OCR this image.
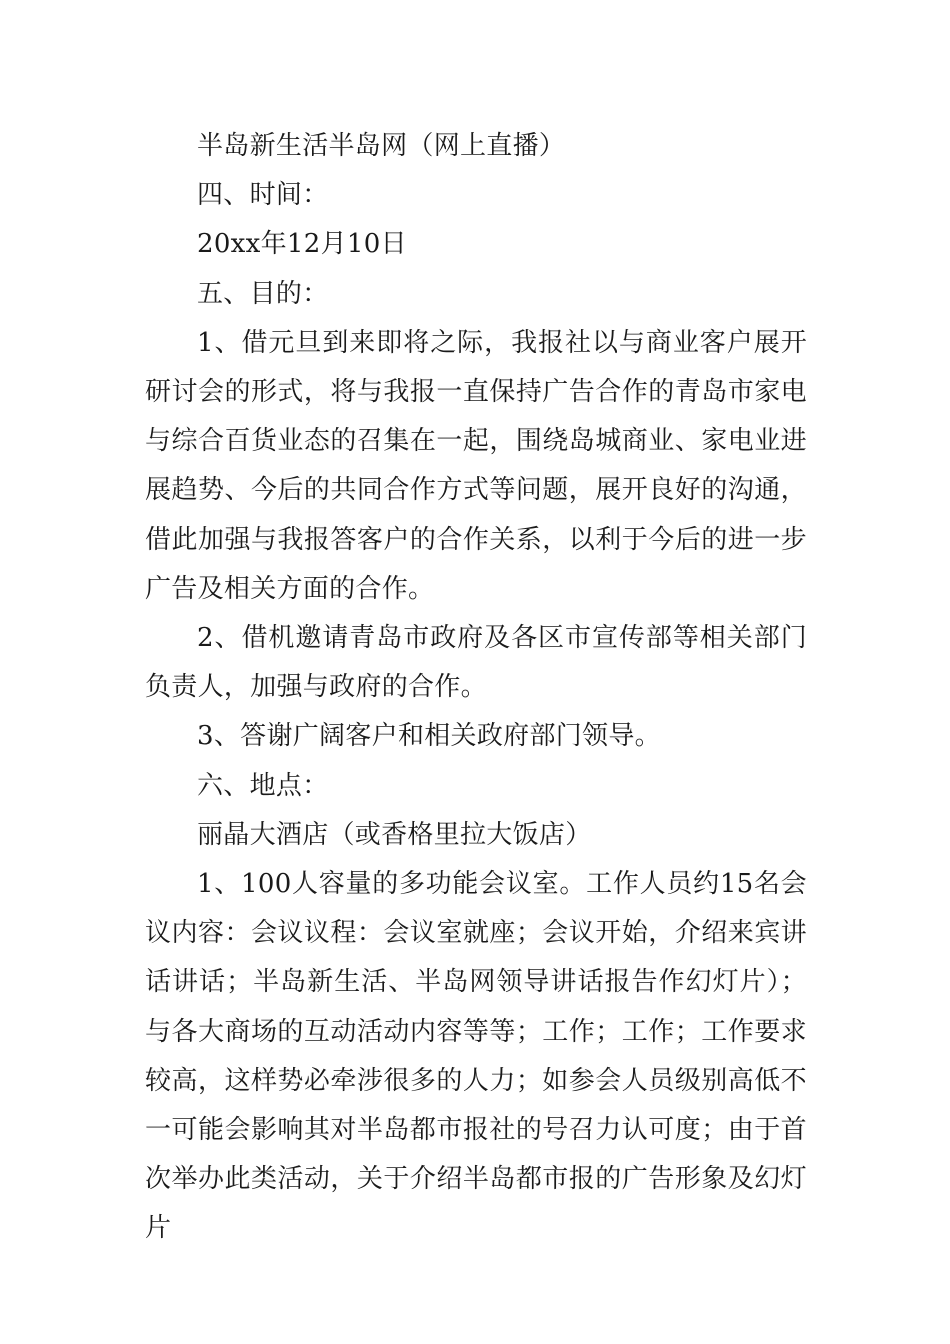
半岛新生活半岛网（网上直播）

四、时间：

20xx年12月10日

五、目的：

1、借元旦到来即将之际，我报社以与商业客户展开研讨会的形式，将与我报一直保持广告合作的青岛市家电与综合百货业态的召集在一起，围绕岛城商业、家电业进展趋势、今后的共同合作方式等问题，展开良好的沟通，借此加强与我报答客户的合作关系，以利于今后的进一步广告及相关方面的合作。

2、借机邀请青岛市政府及各区市宣传部等相关部门负责人，加强与政府的合作。

3、答谢广阔客户和相关政府部门领导。

六、地点：

丽晶大酒店（或香格里拉大饭店）

1、100人容量的多功能会议室。工作人员约15名会议内容：会议议程：会议室就座；会议开始，介绍来宾讲话讲话；半岛新生活、半岛网领导讲话报告作幻灯片）；与各大商场的互动活动内容等等；工作；工作；工作要求较高，这样势必牵涉很多的人力；如参会人员级别高低不一可能会影响其对半岛都市报社的号召力认可度；由于首次举办此类活动，关于介绍半岛都市报的广告形象及幻灯片
